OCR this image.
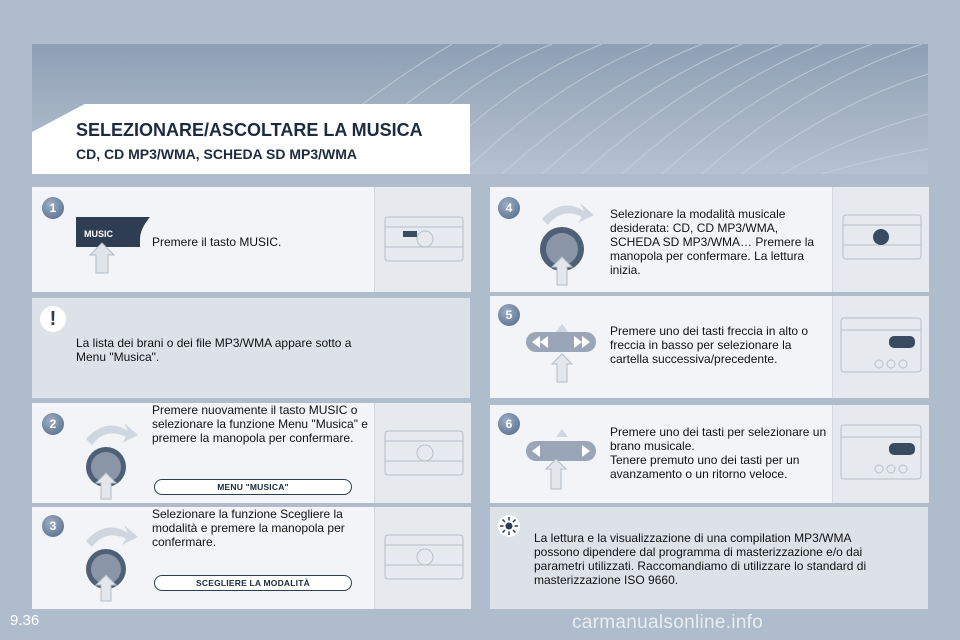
SELEZIONARE/ASCOLTARE LA MUSICA
CD, CD MP3/WMA, SCHEDA SD MP3/WMA
1
MUSIC
Premere il tasto MUSIC.
!
La lista dei brani o dei file MP3/WMA appare sotto a Menu "Musica".
2
Premere nuovamente il tasto MUSIC o selezionare la funzione Menu "Musica" e premere la manopola per confermare.
MENU "MUSICA"
3
Selezionare la funzione Scegliere la modalità e premere la manopola per confermare.
SCEGLIERE LA MODALITÀ
4	Selezionare la modalità musicale desiderata: CD, CD MP3/WMA, SCHEDA SD MP3/WMA… Premere la manopola per confermare. La lettura inizia.
5
Premere uno dei tasti freccia in alto o freccia in basso per selezionare la cartella successiva/precedente.
6
Premere uno dei tasti per selezionare un brano musicale.
Tenere premuto uno dei tasti per un avanzamento o un ritorno veloce.
La lettura e la visualizzazione di una compilation MP3/WMA possono dipendere dal programma di masterizzazione e/o dai parametri utilizzati. Raccomandiamo di utilizzare lo standard di masterizzazione ISO 9660.
9.36	carmanualsonline.info
